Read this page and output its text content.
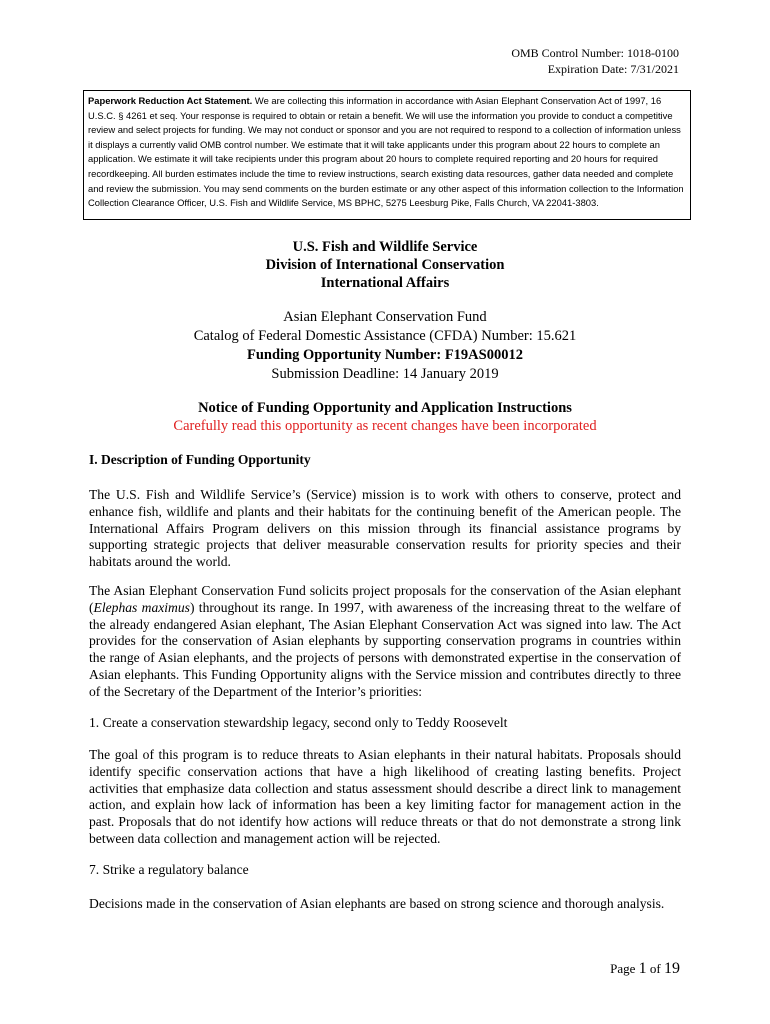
OMB Control Number: 1018-0100
Expiration Date: 7/31/2021
Paperwork Reduction Act Statement. We are collecting this information in accordance with Asian Elephant Conservation Act of 1997, 16 U.S.C. § 4261 et seq. Your response is required to obtain or retain a benefit. We will use the information you provide to conduct a competitive review and select projects for funding. We may not conduct or sponsor and you are not required to respond to a collection of information unless it displays a currently valid OMB control number. We estimate that it will take applicants under this program about 22 hours to complete an application. We estimate it will take recipients under this program about 20 hours to complete required reporting and 20 hours for required recordkeeping. All burden estimates include the time to review instructions, search existing data resources, gather data needed and complete and review the submission. You may send comments on the burden estimate or any other aspect of this information collection to the Information Collection Clearance Officer, U.S. Fish and Wildlife Service, MS BPHC, 5275 Leesburg Pike, Falls Church, VA 22041-3803.
U.S. Fish and Wildlife Service
Division of International Conservation
International Affairs
Asian Elephant Conservation Fund
Catalog of Federal Domestic Assistance (CFDA) Number: 15.621
Funding Opportunity Number: F19AS00012
Submission Deadline: 14 January 2019
Notice of Funding Opportunity and Application Instructions
Carefully read this opportunity as recent changes have been incorporated
I. Description of Funding Opportunity
The U.S. Fish and Wildlife Service’s (Service) mission is to work with others to conserve, protect and enhance fish, wildlife and plants and their habitats for the continuing benefit of the American people. The International Affairs Program delivers on this mission through its financial assistance programs by supporting strategic projects that deliver measurable conservation results for priority species and their habitats around the world.
The Asian Elephant Conservation Fund solicits project proposals for the conservation of the Asian elephant (Elephas maximus) throughout its range. In 1997, with awareness of the increasing threat to the welfare of the already endangered Asian elephant, The Asian Elephant Conservation Act was signed into law. The Act provides for the conservation of Asian elephants by supporting conservation programs in countries within the range of Asian elephants, and the projects of persons with demonstrated expertise in the conservation of Asian elephants. This Funding Opportunity aligns with the Service mission and contributes directly to three of the Secretary of the Department of the Interior’s priorities:
1. Create a conservation stewardship legacy, second only to Teddy Roosevelt
The goal of this program is to reduce threats to Asian elephants in their natural habitats. Proposals should identify specific conservation actions that have a high likelihood of creating lasting benefits. Project activities that emphasize data collection and status assessment should describe a direct link to management action, and explain how lack of information has been a key limiting factor for management action in the past. Proposals that do not identify how actions will reduce threats or that do not demonstrate a strong link between data collection and management action will be rejected.
7. Strike a regulatory balance
Decisions made in the conservation of Asian elephants are based on strong science and thorough analysis.
Page 1 of 19
